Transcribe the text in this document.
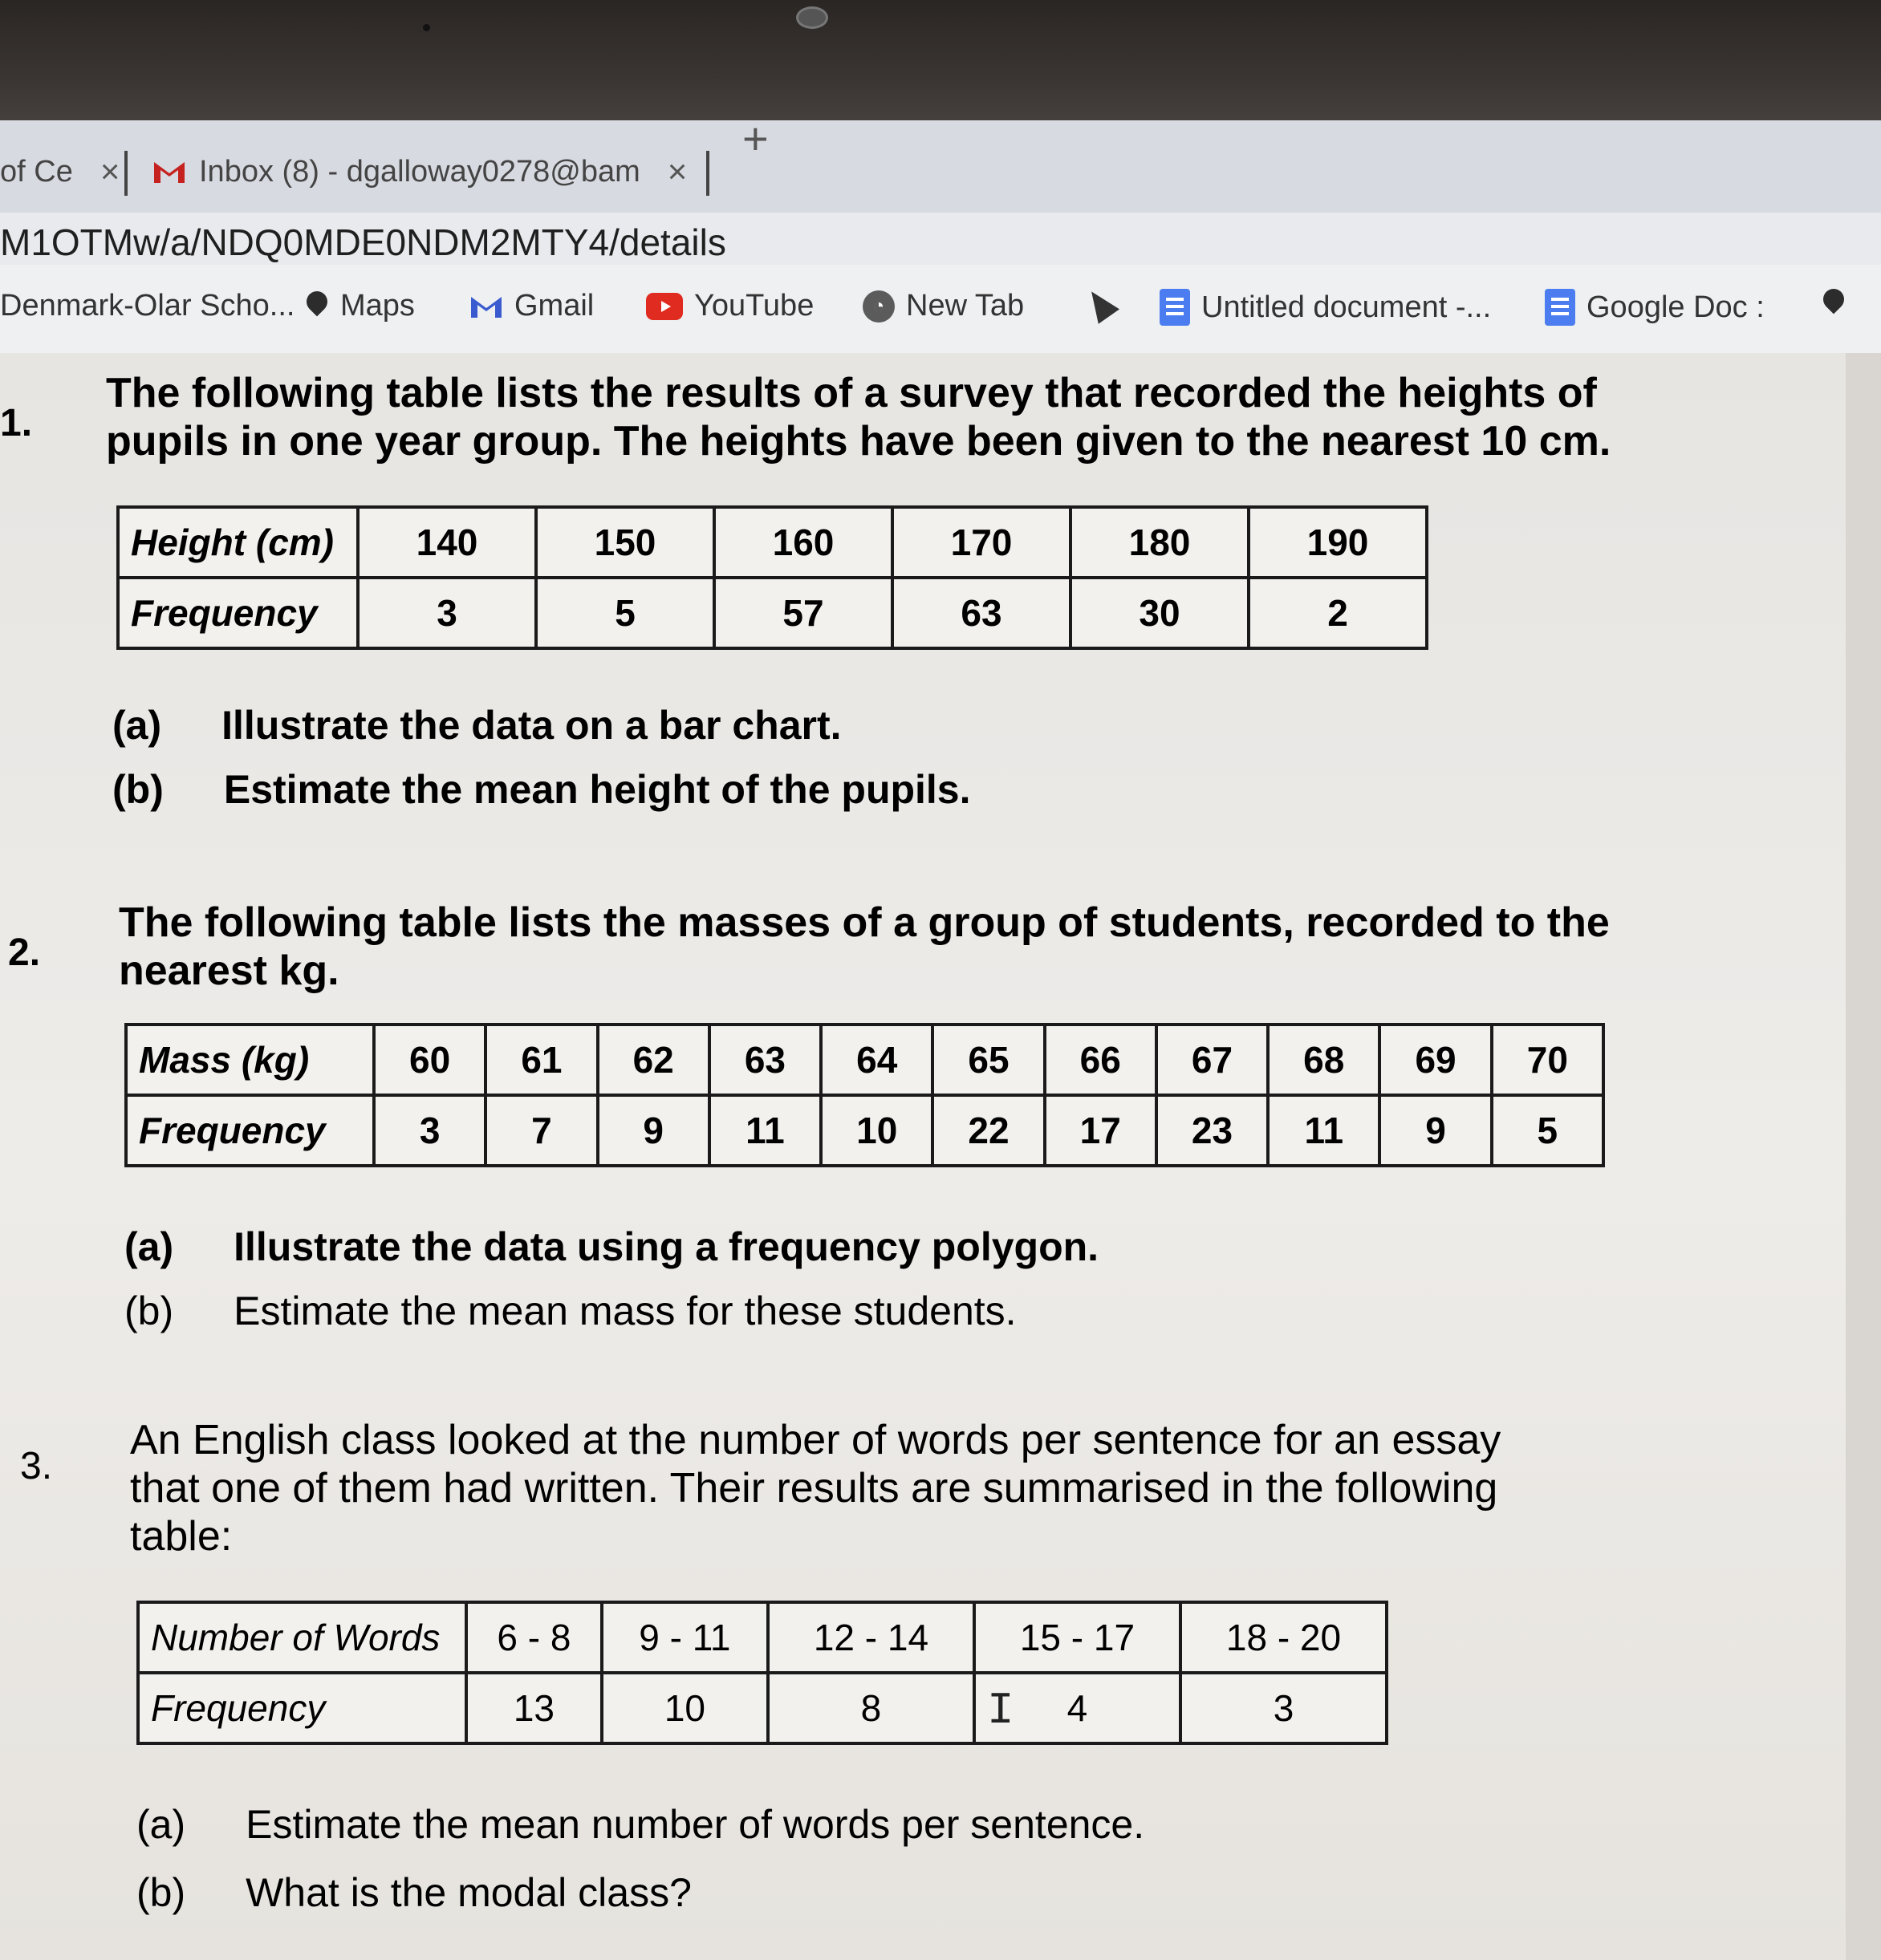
of Ce ×	Inbox (8) - dgalloway0278@bam ×
+
M1OTMw/a/NDQ0MDE0NDM2MTY4/details
Denmark-Olar Scho... Maps	Gmail	YouTube	◔ New Tab	Untitled document -...	Google Doc :
1.
The following table lists the results of a survey that recorded the heights of
pupils in one year group. The heights have been given to the nearest 10 cm.
Height (cm)	140	150	160	170	180	190
Frequency	3	5	57	63	30	2
(a) Illustrate the data on a bar chart.
(b) Estimate the mean height of the pupils.
2.
The following table lists the masses of a group of students, recorded to the
nearest kg.
Mass (kg)	60	61	62	63	64	65	66	67	68	69	70
Frequency	3	7	9	11	10	22	17	23	11	9	5
(a) Illustrate the data using a frequency polygon.
(b) Estimate the mean mass for these students.
3.
An English class looked at the number of words per sentence for an essay
that one of them had written. Their results are summarised in the following
table:
Number of Words	6 - 8	9 - 11	12 - 14	15 - 17	18 - 20
Frequency	13	10	8	4	3
I
(a) Estimate the mean number of words per sentence.
(b) What is the modal class?
